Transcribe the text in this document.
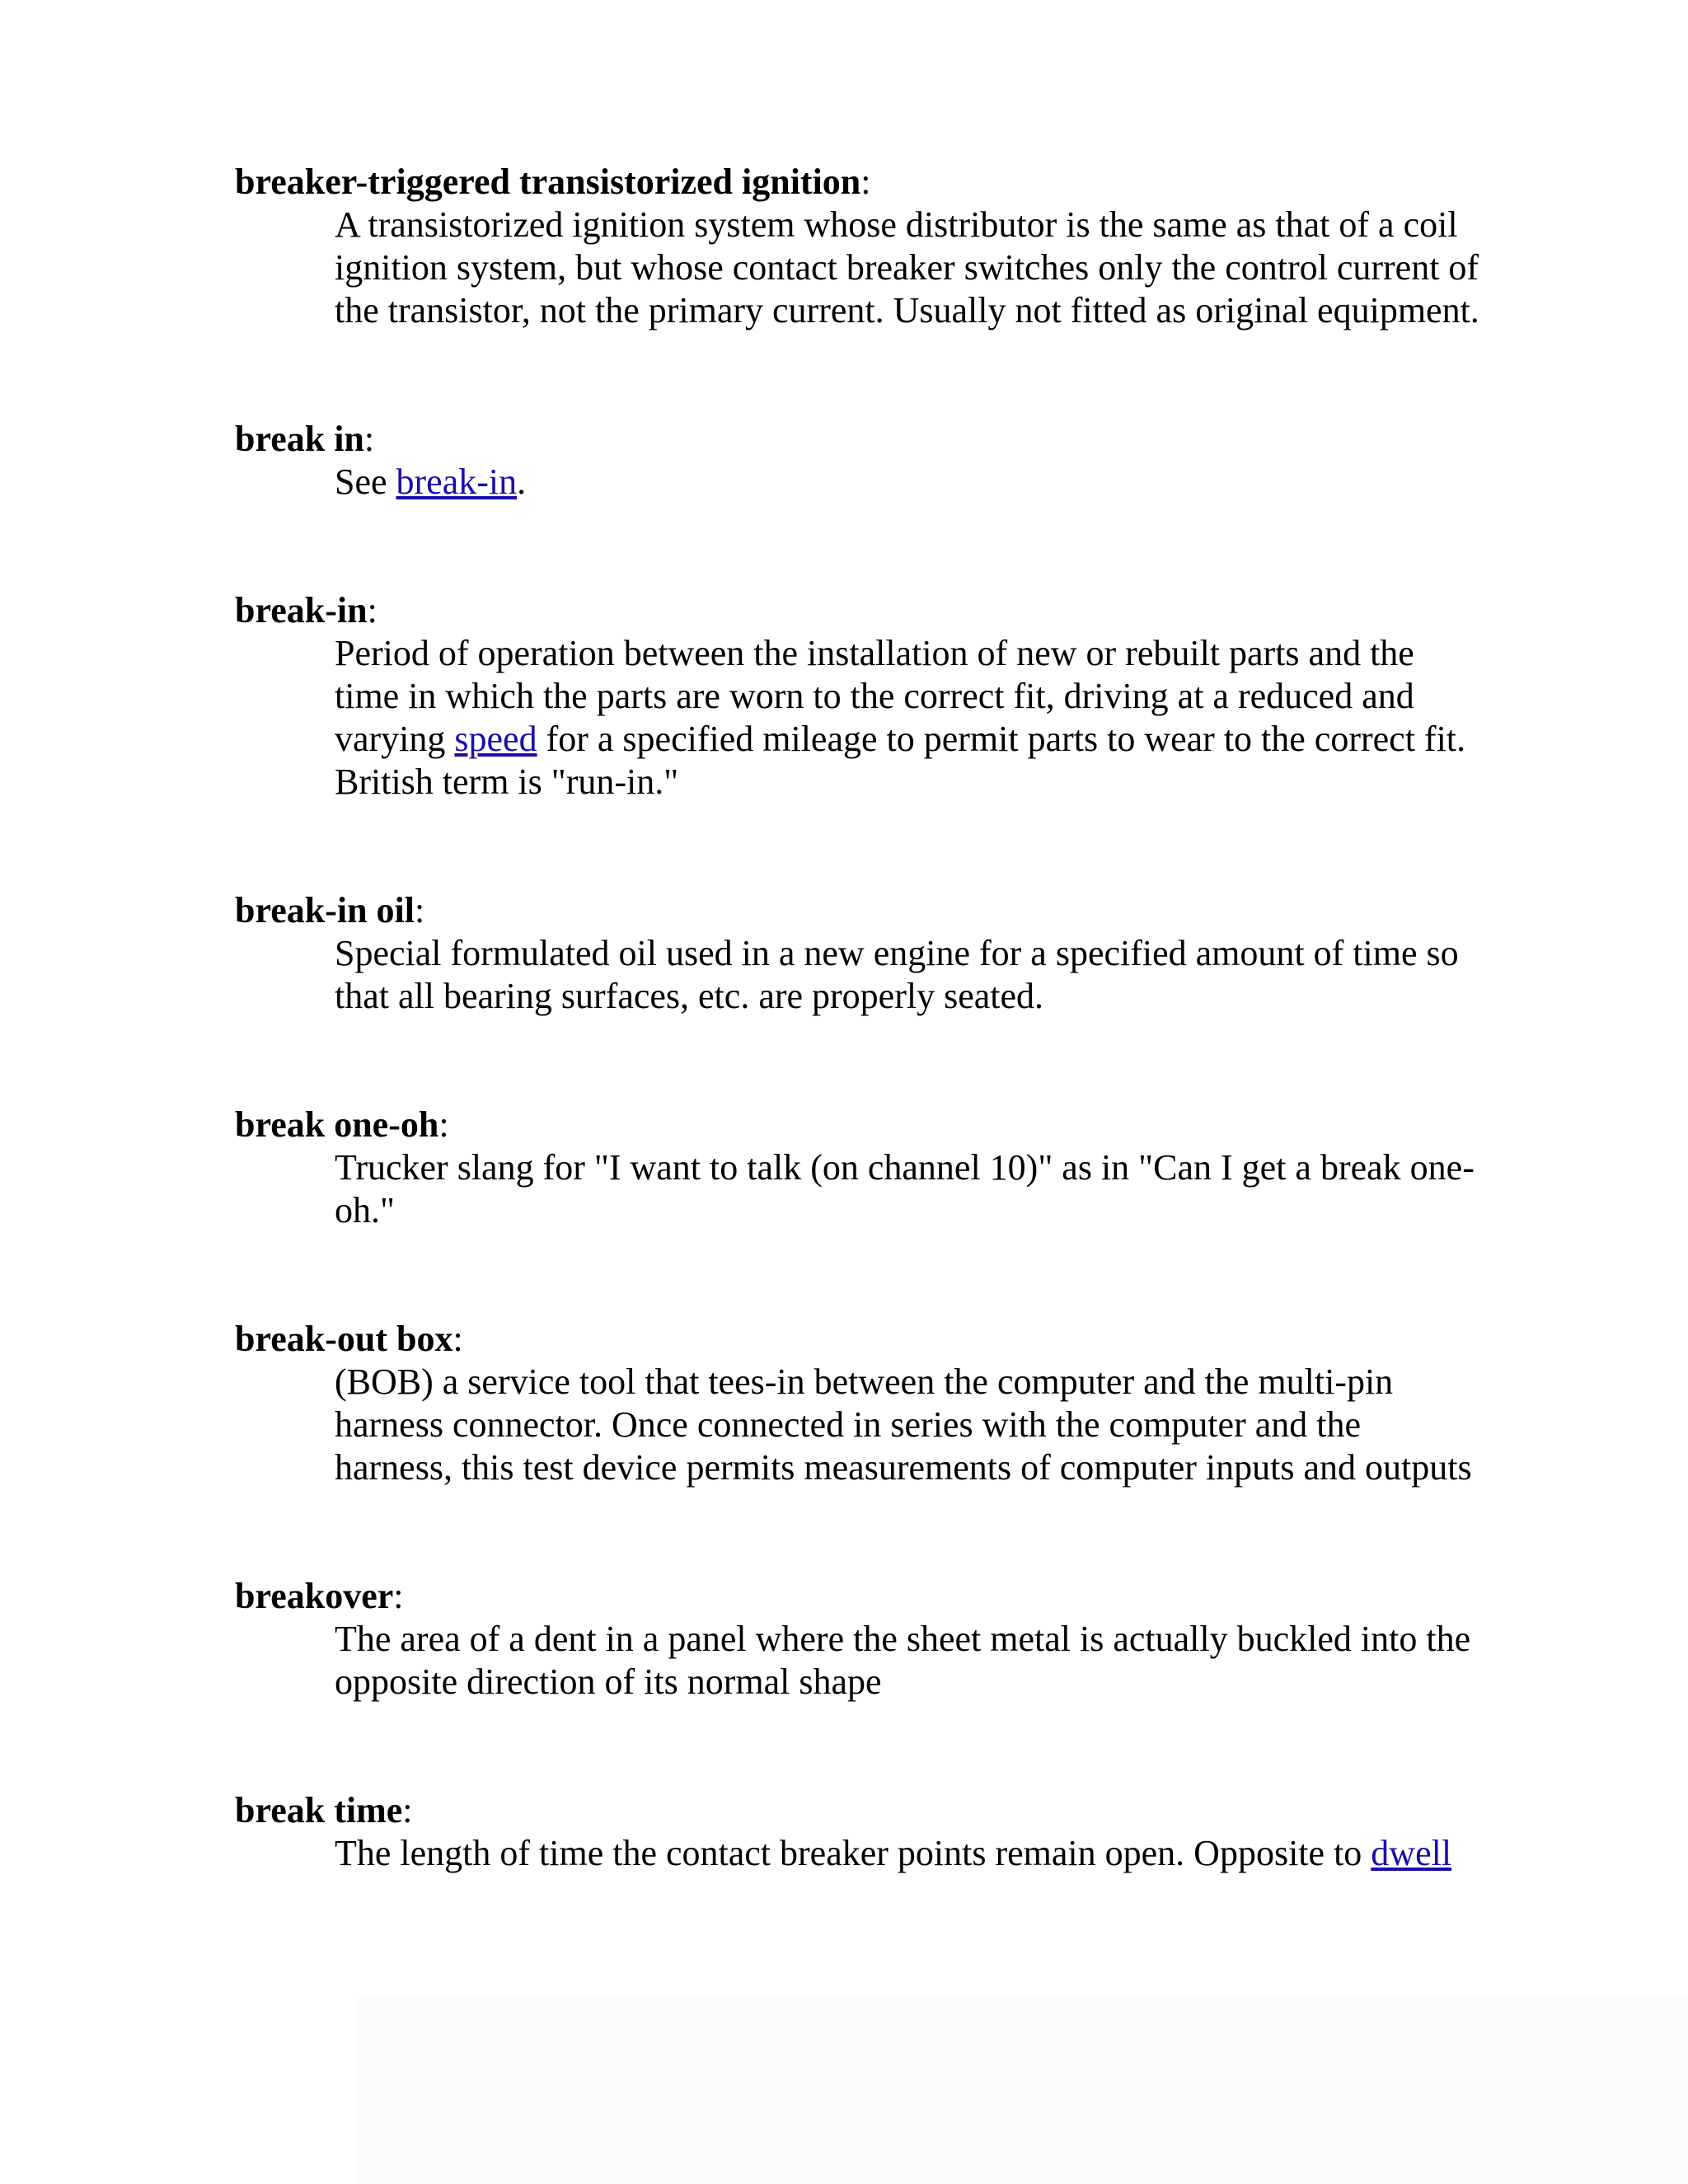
breaker-triggered transistorized ignition:

A transistorized ignition system whose distributor is the same as that of a coil ignition system, but whose contact breaker switches only the control current of the transistor, not the primary current. Usually not fitted as original equipment.

break in:

See break-in.

break-in:

Period of operation between the installation of new or rebuilt parts and the time in which the parts are worn to the correct fit, driving at a reduced and varying speed for a specified mileage to permit parts to wear to the correct fit. British term is "run-in."

break-in oil:

Special formulated oil used in a new engine for a specified amount of time so that all bearing surfaces, etc. are properly seated.

break one-oh:

Trucker slang for "I want to talk (on channel 10)" as in "Can I get a break one-oh."

break-out box:

(BOB) a service tool that tees-in between the computer and the multi-pin harness connector. Once connected in series with the computer and the harness, this test device permits measurements of computer inputs and outputs

breakover:

The area of a dent in a panel where the sheet metal is actually buckled into the opposite direction of its normal shape

break time:

The length of time the contact breaker points remain open. Opposite to dwell
